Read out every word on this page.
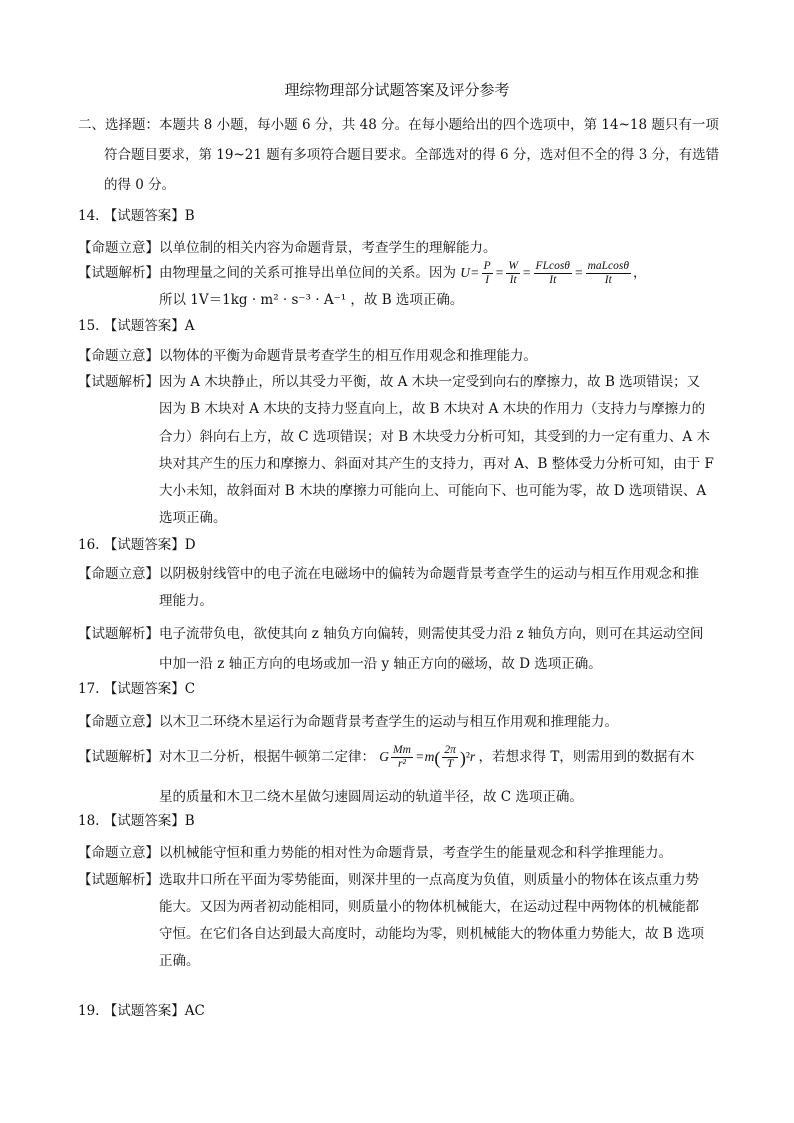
理综物理部分试题答案及评分参考
二、选择题：本题共 8 小题，每小题 6 分，共 48 分。在每小题给出的四个选项中，第 14~18 题只有一项
符合题目要求，第 19~21 题有多项符合题目要求。全部选对的得 6 分，选对但不全的得 3 分，有选错
的得 0 分。
14. 【试题答案】B
【命题立意】以单位制的相关内容为命题背景，考查学生的理解能力。
【试题解析】由物理量之间的关系可推导出单位间的关系。因为 $U= \frac{P}{I} = \frac{W}{It} = \frac{FLcos\theta}{It} = \frac{\text{maLcosθ}}{It}$ ，
所以 1V＝1kg · m² · s⁻³ · A⁻¹ ，故 B 选项正确。
15. 【试题答案】A
【命题立意】以物体的平衡为命题背景考查学生的相互作用观念和推理能力。
【试题解析】因为 A 木块静止，所以其受力平衡，故 A 木块一定受到向右的摩擦力，故 B 选项错误；又
因为 B 木块对 A 木块的支持力竖直向上，故 B 木块对 A 木块的作用力（支持力与摩擦力的
合力）斜向右上方，故 C 选项错误；对 B 木块受力分析可知，其受到的力一定有重力、A 木
块对其产生的压力和摩擦力、斜面对其产生的支持力，再对 A、B 整体受力分析可知，由于 F
大小未知，故斜面对 B 木块的摩擦力可能向上、可能向下、也可能为零，故 D 选项错误、A
选项正确。
16. 【试题答案】D
【命题立意】以阴极射线管中的电子流在电磁场中的偏转为命题背景考查学生的运动与相互作用观念和推
理能力。
【试题解析】电子流带负电，欲使其向 z 轴负方向偏转，则需使其受力沿 z 轴负方向，则可在其运动空间
中加一沿 z 轴正方向的电场或加一沿 y 轴正方向的磁场，故 D 选项正确。
17. 【试题答案】C
【命题立意】以木卫二环绕木星运行为命题背景考查学生的运动与相互作用观和推理能力。
【试题解析】对木卫二分析，根据牛顿第二定律： G $\frac{Mm}{\text{r²}} =m( \frac{2\pi}{T} )^2r$ ，若想求得 T，则需用到的数据有木
星的质量和木卫二绕木星做匀速圆周运动的轨道半径，故 C 选项正确。
18. 【试题答案】B
【命题立意】以机械能守恒和重力势能的相对性为命题背景，考查学生的能量观念和科学推理能力。
【试题解析】选取井口所在平面为零势能面，则深井里的一点高度为负值，则质量小的物体在该点重力势
能大。又因为两者初动能相同，则质量小的物体机械能大，在运动过程中两物体的机械能都
守恒。在它们各自达到最大高度时，动能均为零，则机械能大的物体重力势能大，故 B 选项
正确。
19. 【试题答案】AC
